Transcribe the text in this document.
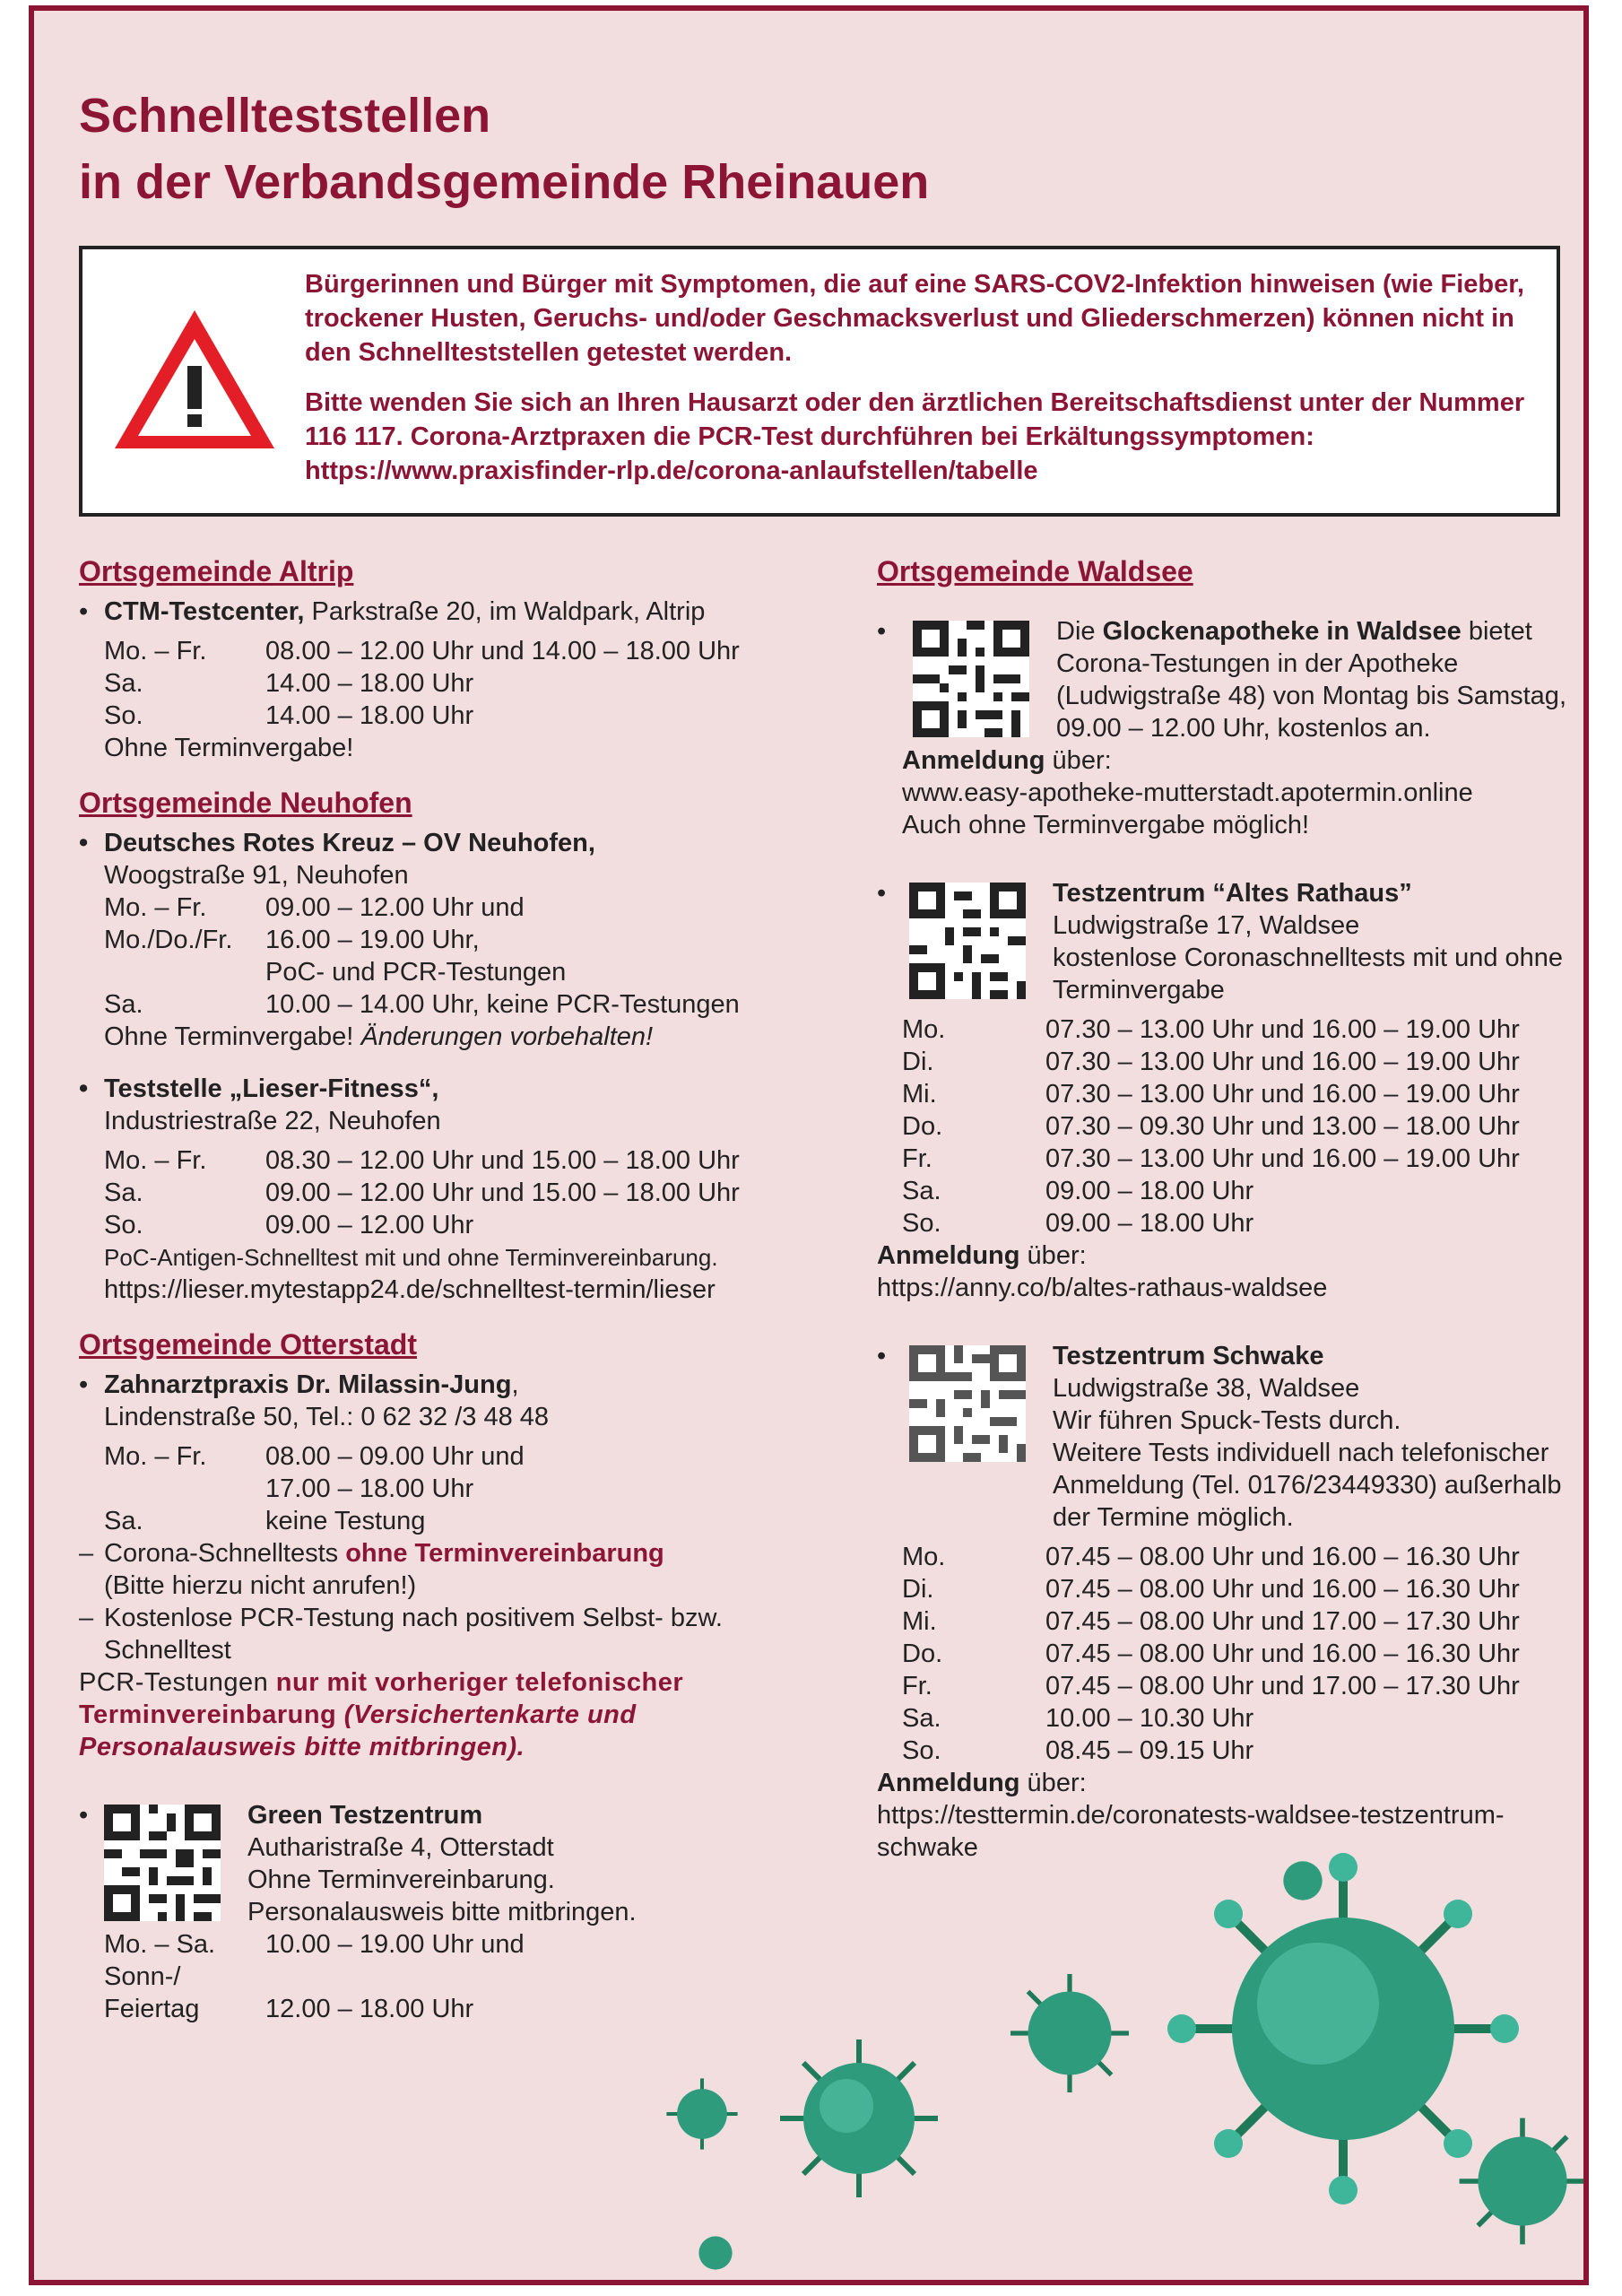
Schnellteststellen
in der Verbandsgemeinde Rheinauen

Bürgerinnen und Bürger mit Symptomen, die auf eine SARS-COV2-Infektion hinweisen (wie Fieber, trockener Husten, Geruchs- und/oder Geschmacksverlust und Gliederschmerzen) können nicht in den Schnellteststellen getestet werden.

Bitte wenden Sie sich an Ihren Hausarzt oder den ärztlichen Bereitschaftsdienst unter der Nummer 116 117. Corona-Arztpraxen die PCR-Test durchführen bei Erkältungssymptomen: https://www.praxisfinder-rlp.de/corona-anlaufstellen/tabelle

Ortsgemeinde Altrip
• CTM-Testcenter, Parkstraße 20, im Waldpark, Altrip
Mo. – Fr.	08.00 – 12.00 Uhr und 14.00 – 18.00 Uhr
Sa.	14.00 – 18.00 Uhr
So.	14.00 – 18.00 Uhr
Ohne Terminvergabe!
Ortsgemeinde Neuhofen
• Deutsches Rotes Kreuz – OV Neuhofen,
Woogstraße 91, Neuhofen
Mo. – Fr.	09.00 – 12.00 Uhr und
Mo./Do./Fr.	16.00 – 19.00 Uhr,
PoC- und PCR-Testungen
Sa.	10.00 – 14.00 Uhr, keine PCR-Testungen
Ohne Terminvergabe! Änderungen vorbehalten!
• Teststelle „Lieser-Fitness“,
Industriestraße 22, Neuhofen
Mo. – Fr.	08.30 – 12.00 Uhr und 15.00 – 18.00 Uhr
Sa.	09.00 – 12.00 Uhr und 15.00 – 18.00 Uhr
So.	09.00 – 12.00 Uhr
PoC-Antigen-Schnelltest mit und ohne Terminvereinbarung.
https://lieser.mytestapp24.de/schnelltest-termin/lieser
Ortsgemeinde Otterstadt
• Zahnarztpraxis Dr. Milassin-Jung,
Lindenstraße 50, Tel.: 0 62 32 /3 48 48
Mo. – Fr.	08.00 – 09.00 Uhr und
17.00 – 18.00 Uhr
Sa.	keine Testung
– Corona-Schnelltests ohne Terminvereinbarung
(Bitte hierzu nicht anrufen!)
– Kostenlose PCR-Testung nach positivem Selbst- bzw. Schnelltest
PCR-Testungen nur mit vorheriger telefonischer Terminvereinbarung (Versichertenkarte und Personalausweis bitte mitbringen).
• Green Testzentrum
Autharistraße 4, Otterstadt
Ohne Terminvereinbarung.
Personalausweis bitte mitbringen.
Mo. – Sa.	10.00 – 19.00 Uhr und
Sonn-/
Feiertag	12.00 – 18.00 Uhr
Ortsgemeinde Waldsee
• Die Glockenapotheke in Waldsee bietet Corona-Testungen in der Apotheke (Ludwigstraße 48) von Montag bis Samstag, 09.00 – 12.00 Uhr, kostenlos an.
Anmeldung über:
www.easy-apotheke-mutterstadt.apotermin.online
Auch ohne Terminvergabe möglich!
• Testzentrum “Altes Rathaus”
Ludwigstraße 17, Waldsee
kostenlose Coronaschnelltests mit und ohne Terminvergabe
Mo.	07.30 – 13.00 Uhr und 16.00 – 19.00 Uhr
Di.	07.30 – 13.00 Uhr und 16.00 – 19.00 Uhr
Mi.	07.30 – 13.00 Uhr und 16.00 – 19.00 Uhr
Do.	07.30 – 09.30 Uhr und 13.00 – 18.00 Uhr
Fr.	07.30 – 13.00 Uhr und 16.00 – 19.00 Uhr
Sa.	09.00 – 18.00 Uhr
So.	09.00 – 18.00 Uhr
Anmeldung über:
https://anny.co/b/altes-rathaus-waldsee
• Testzentrum Schwake
Ludwigstraße 38, Waldsee
Wir führen Spuck-Tests durch.
Weitere Tests individuell nach telefonischer Anmeldung (Tel. 0176/23449330) außerhalb der Termine möglich.
Mo.	07.45 – 08.00 Uhr und 16.00 – 16.30 Uhr
Di.	07.45 – 08.00 Uhr und 16.00 – 16.30 Uhr
Mi.	07.45 – 08.00 Uhr und 17.00 – 17.30 Uhr
Do.	07.45 – 08.00 Uhr und 16.00 – 16.30 Uhr
Fr.	07.45 – 08.00 Uhr und 17.00 – 17.30 Uhr
Sa.	10.00 – 10.30 Uhr
So.	08.45 – 09.15 Uhr
Anmeldung über:
https://testtermin.de/coronatests-waldsee-testzentrum-schwake
